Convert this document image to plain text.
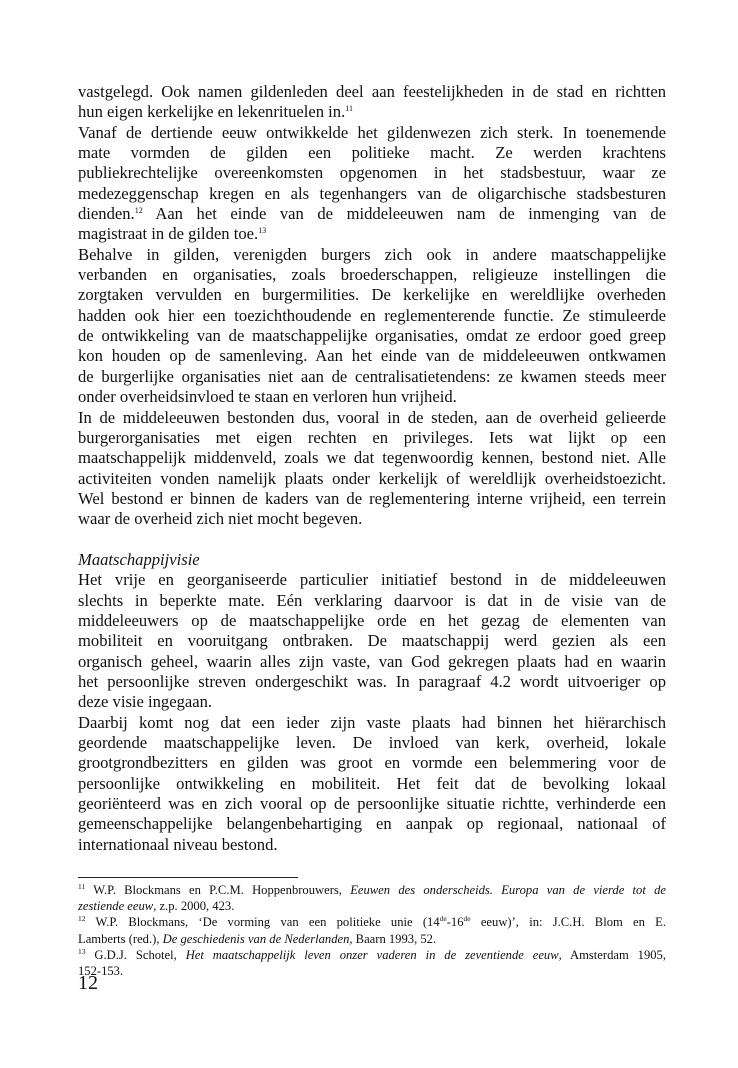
vastgelegd. Ook namen gildenleden deel aan feestelijkheden in de stad en richtten
hun eigen kerkelijke en lekenrituelen in.$^{11}$
Vanaf de dertiende eeuw ontwikkelde het gildenwezen zich sterk. In toenemende
mate vormden de gilden een politieke macht. Ze werden krachtens
publiekrechtelijke overeenkomsten opgenomen in het stadsbestuur, waar ze
medezeggenschap kregen en als tegenhangers van de oligarchische stadsbesturen
dienden.$^{12}$ Aan het einde van de middeleeuwen nam de inmenging van de
magistraat in de gilden toe.$^{13}$
Behalve in gilden, verenigden burgers zich ook in andere maatschappelijke
verbanden en organisaties, zoals broederschappen, religieuze instellingen die
zorgtaken vervulden en burgermilities. De kerkelijke en wereldlijke overheden
hadden ook hier een toezichthoudende en reglementerende functie. Ze stimuleerde
de ontwikkeling van de maatschappelijke organisaties, omdat ze erdoor goed greep
kon houden op de samenleving. Aan het einde van de middeleeuwen ontkwamen
de burgerlijke organisaties niet aan de centralisatietendens: ze kwamen steeds meer
onder overheidsinvloed te staan en verloren hun vrijheid.
In de middeleeuwen bestonden dus, vooral in de steden, aan de overheid gelieerde
burgerorganisaties met eigen rechten en privileges. Iets wat lijkt op een
maatschappelijk middenveld, zoals we dat tegenwoordig kennen, bestond niet. Alle
activiteiten vonden namelijk plaats onder kerkelijk of wereldlijk overheidstoezicht.
Wel bestond er binnen de kaders van de reglementering interne vrijheid, een terrein
waar de overheid zich niet mocht begeven.
Maatschappijvisie
Het vrije en georganiseerde particulier initiatief bestond in de middeleeuwen
slechts in beperkte mate. Eén verklaring daarvoor is dat in de visie van de
middeleeuwers op de maatschappelijke orde en het gezag de elementen van
mobiliteit en vooruitgang ontbraken. De maatschappij werd gezien als een
organisch geheel, waarin alles zijn vaste, van God gekregen plaats had en waarin
het persoonlijke streven ondergeschikt was. In paragraaf 4.2 wordt uitvoeriger op
deze visie ingegaan.
Daarbij komt nog dat een ieder zijn vaste plaats had binnen het hiërarchisch
geordende maatschappelijke leven. De invloed van kerk, overheid, lokale
grootgrondbezitters en gilden was groot en vormde een belemmering voor de
persoonlijke ontwikkeling en mobiliteit. Het feit dat de bevolking lokaal
georiënteerd was en zich vooral op de persoonlijke situatie richtte, verhinderde een
gemeenschappelijke belangenbehartiging en aanpak op regionaal, nationaal of
internationaal niveau bestond.
$^{11}$ W.P. Blockmans en P.C.M. Hoppenbrouwers, Eeuwen des onderscheids. Europa van de vierde tot de
zestiende eeuw, z.p. 2000, 423.
$^{12}$ W.P. Blockmans, ‘De vorming van een politieke unie (14de-16de eeuw)’, in: J.C.H. Blom en E.
Lamberts (red.), De geschiedenis van de Nederlanden, Baarn 1993, 52.
$^{13}$ G.D.J. Schotel, Het maatschappelijk leven onzer vaderen in de zeventiende eeuw, Amsterdam 1905,
152-153.
12
